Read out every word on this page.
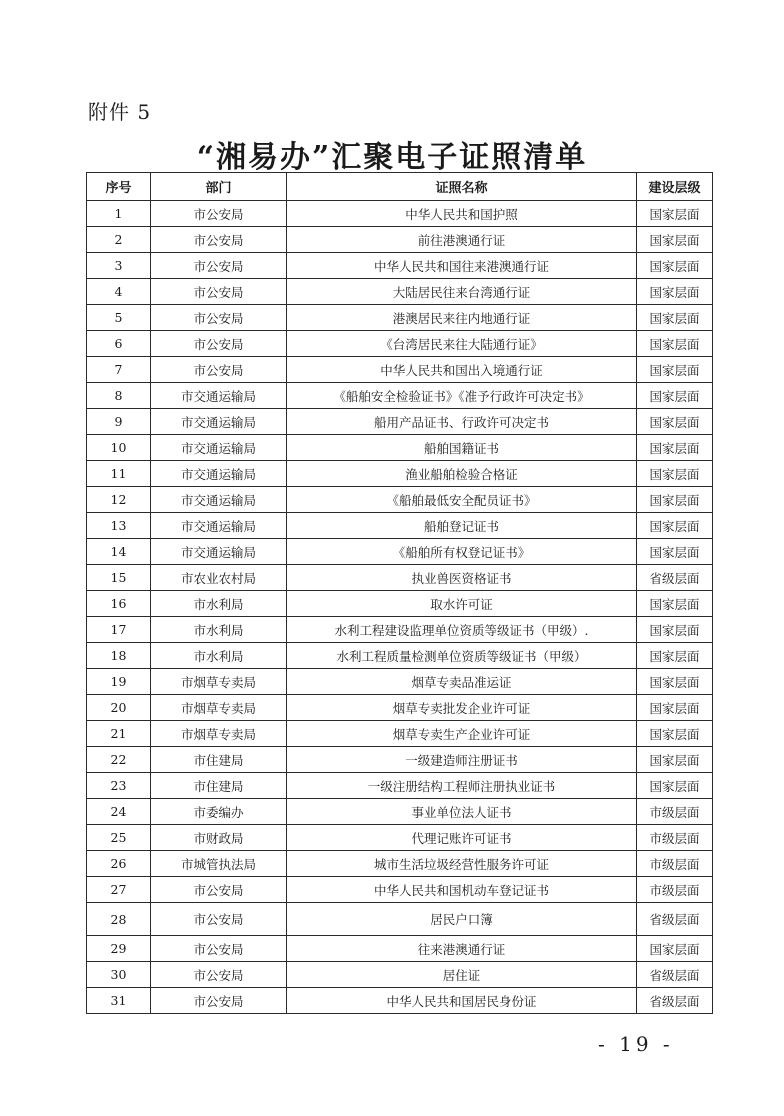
附件 5
“湘易办”汇聚电子证照清单
序号	部门	证照名称	建设层级
1	市公安局	中华人民共和国护照	国家层面
2	市公安局	前往港澳通行证	国家层面
3	市公安局	中华人民共和国往来港澳通行证	国家层面
4	市公安局	大陆居民往来台湾通行证	国家层面
5	市公安局	港澳居民来往内地通行证	国家层面
6	市公安局	《台湾居民来往大陆通行证》	国家层面
7	市公安局	中华人民共和国出入境通行证	国家层面
8	市交通运输局	《船舶安全检验证书》《准予行政许可决定书》	国家层面
9	市交通运输局	船用产品证书、行政许可决定书	国家层面
10	市交通运输局	船舶国籍证书	国家层面
11	市交通运输局	渔业船舶检验合格证	国家层面
12	市交通运输局	《船舶最低安全配员证书》	国家层面
13	市交通运输局	船舶登记证书	国家层面
14	市交通运输局	《船舶所有权登记证书》	国家层面
15	市农业农村局	执业兽医资格证书	省级层面
16	市水利局	取水许可证	国家层面
17	市水利局	水利工程建设监理单位资质等级证书（甲级）.	国家层面
18	市水利局	水利工程质量检测单位资质等级证书（甲级）	国家层面
19	市烟草专卖局	烟草专卖品准运证	国家层面
20	市烟草专卖局	烟草专卖批发企业许可证	国家层面
21	市烟草专卖局	烟草专卖生产企业许可证	国家层面
22	市住建局	一级建造师注册证书	国家层面
23	市住建局	一级注册结构工程师注册执业证书	国家层面
24	市委编办	事业单位法人证书	市级层面
25	市财政局	代理记账许可证书	市级层面
26	市城管执法局	城市生活垃圾经营性服务许可证	市级层面
27	市公安局	中华人民共和国机动车登记证书	市级层面
28	市公安局	居民户口簿	省级层面
29	市公安局	往来港澳通行证	国家层面
30	市公安局	居住证	省级层面
31	市公安局	中华人民共和国居民身份证	省级层面
- 19 -
